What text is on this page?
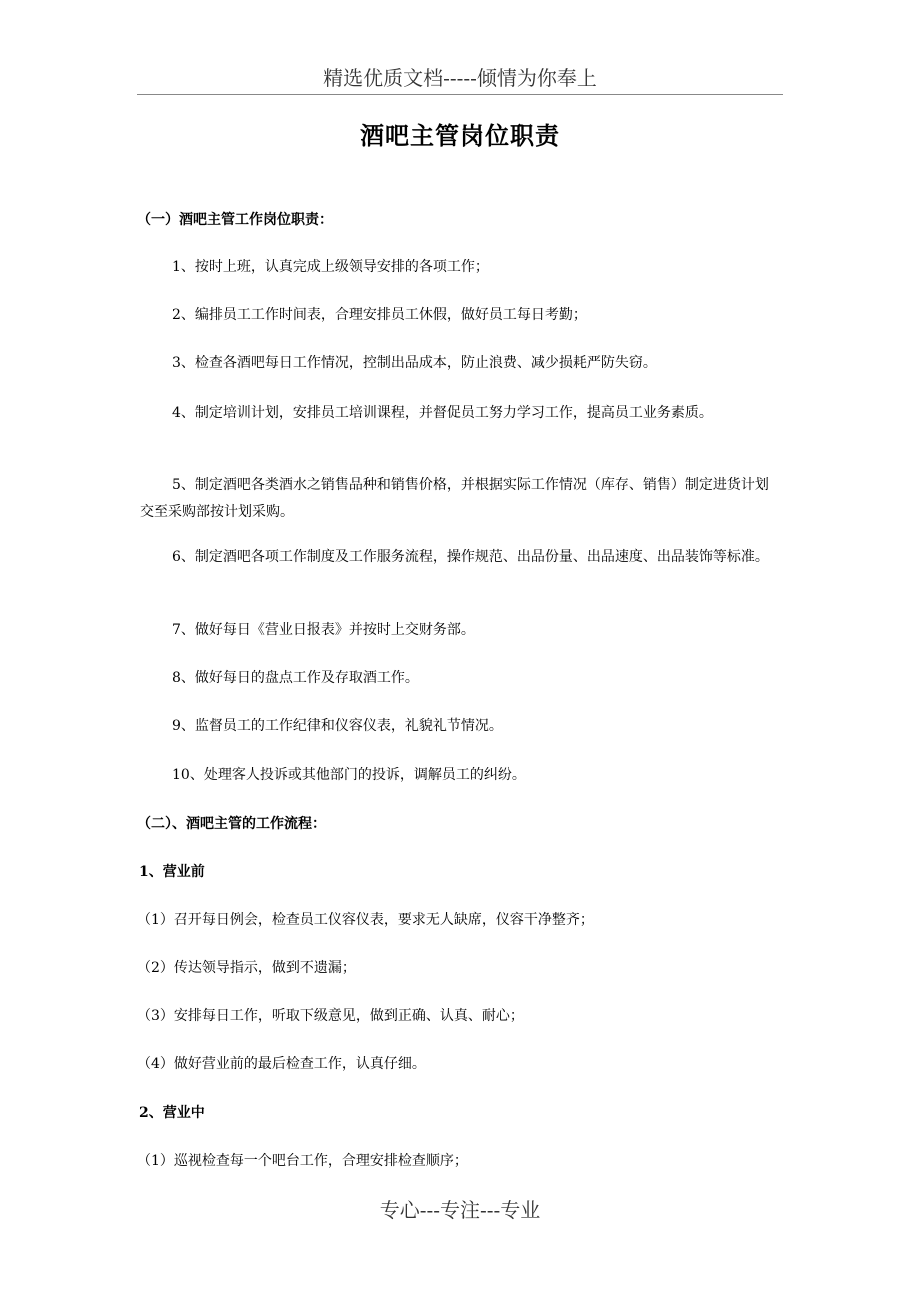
精选优质文档-----倾情为你奉上
酒吧主管岗位职责
（一）酒吧主管工作岗位职责：
1、按时上班，认真完成上级领导安排的各项工作；
2、编排员工工作时间表，合理安排员工休假，做好员工每日考勤；
3、检查各酒吧每日工作情况，控制出品成本，防止浪费、减少损耗严防失窃。
4、制定培训计划，安排员工培训课程，并督促员工努力学习工作，提高员工业务素质。
5、制定酒吧各类酒水之销售品种和销售价格，并根据实际工作情况（库存、销售）制定进货计划交至采购部按计划采购。
6、制定酒吧各项工作制度及工作服务流程，操作规范、出品份量、出品速度、出品装饰等标准。
7、做好每日《营业日报表》并按时上交财务部。
8、做好每日的盘点工作及存取酒工作。
9、监督员工的工作纪律和仪容仪表，礼貌礼节情况。
10、处理客人投诉或其他部门的投诉，调解员工的纠纷。
（二）、酒吧主管的工作流程：
1、营业前
（1）召开每日例会，检查员工仪容仪表，要求无人缺席，仪容干净整齐；
（2）传达领导指示，做到不遗漏；
（3）安排每日工作，听取下级意见，做到正确、认真、耐心；
（4）做好营业前的最后检查工作，认真仔细。
2、营业中
（1）巡视检查每一个吧台工作，合理安排检查顺序；
专心---专注---专业
